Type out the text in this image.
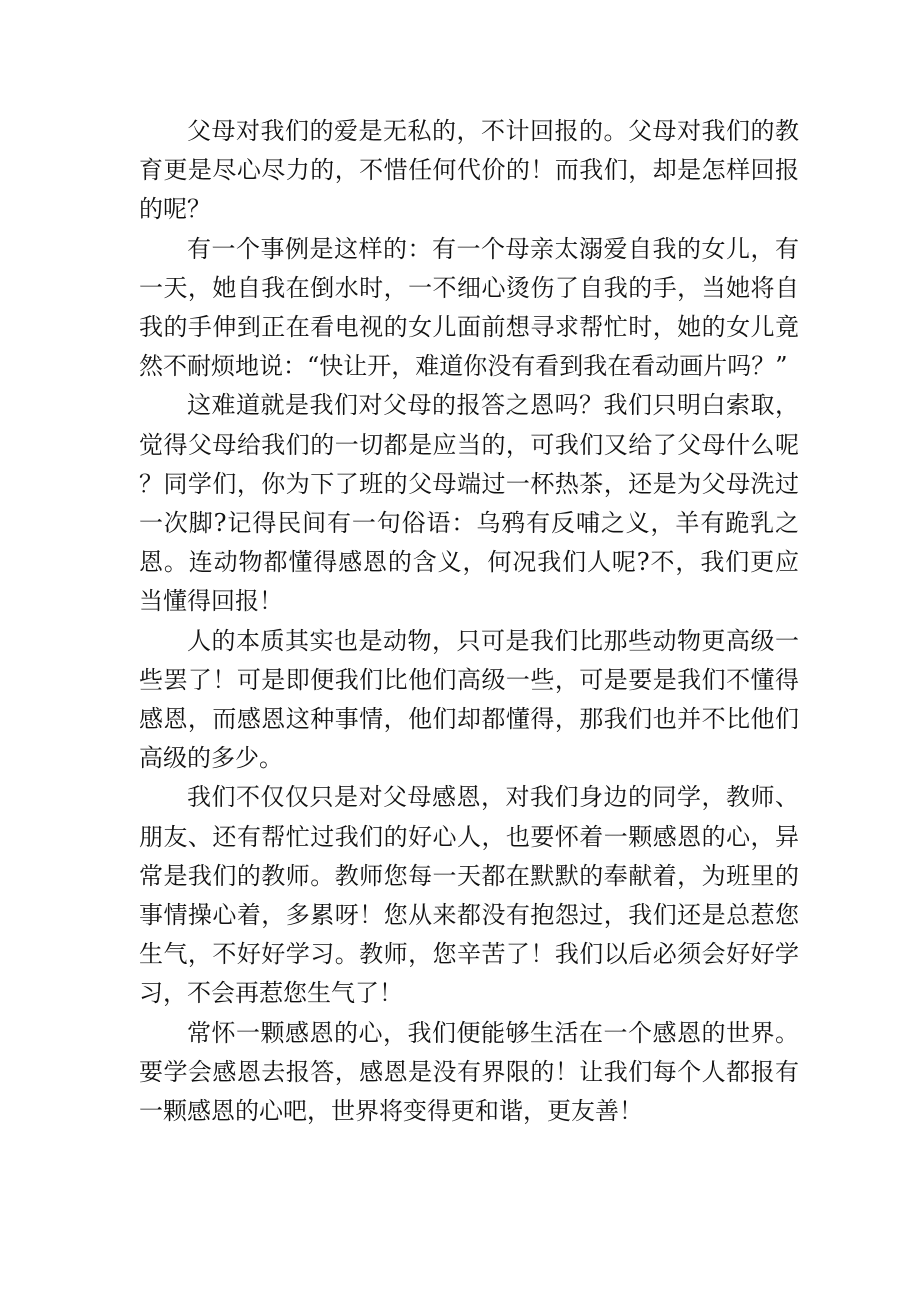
父母对我们的爱是无私的，不计回报的。父母对我们的教育更是尽心尽力的，不惜任何代价的！而我们，却是怎样回报的呢？

有一个事例是这样的：有一个母亲太溺爱自我的女儿，有一天，她自我在倒水时，一不细心烫伤了自我的手，当她将自我的手伸到正在看电视的女儿面前想寻求帮忙时，她的女儿竟然不耐烦地说：“快让开，难道你没有看到我在看动画片吗？”

这难道就是我们对父母的报答之恩吗？我们只明白索取，觉得父母给我们的一切都是应当的，可我们又给了父母什么呢？同学们，你为下了班的父母端过一杯热茶，还是为父母洗过一次脚?记得民间有一句俗语：乌鸦有反哺之义，羊有跪乳之恩。连动物都懂得感恩的含义，何况我们人呢?不，我们更应当懂得回报！

人的本质其实也是动物，只可是我们比那些动物更高级一些罢了！可是即便我们比他们高级一些，可是要是我们不懂得感恩，而感恩这种事情，他们却都懂得，那我们也并不比他们高级的多少。

我们不仅仅只是对父母感恩，对我们身边的同学，教师、朋友、还有帮忙过我们的好心人，也要怀着一颗感恩的心，异常是我们的教师。教师您每一天都在默默的奉献着，为班里的事情操心着，多累呀！您从来都没有抱怨过，我们还是总惹您生气，不好好学习。教师，您辛苦了！我们以后必须会好好学习，不会再惹您生气了！

常怀一颗感恩的心，我们便能够生活在一个感恩的世界。要学会感恩去报答，感恩是没有界限的！让我们每个人都报有一颗感恩的心吧，世界将变得更和谐，更友善！
